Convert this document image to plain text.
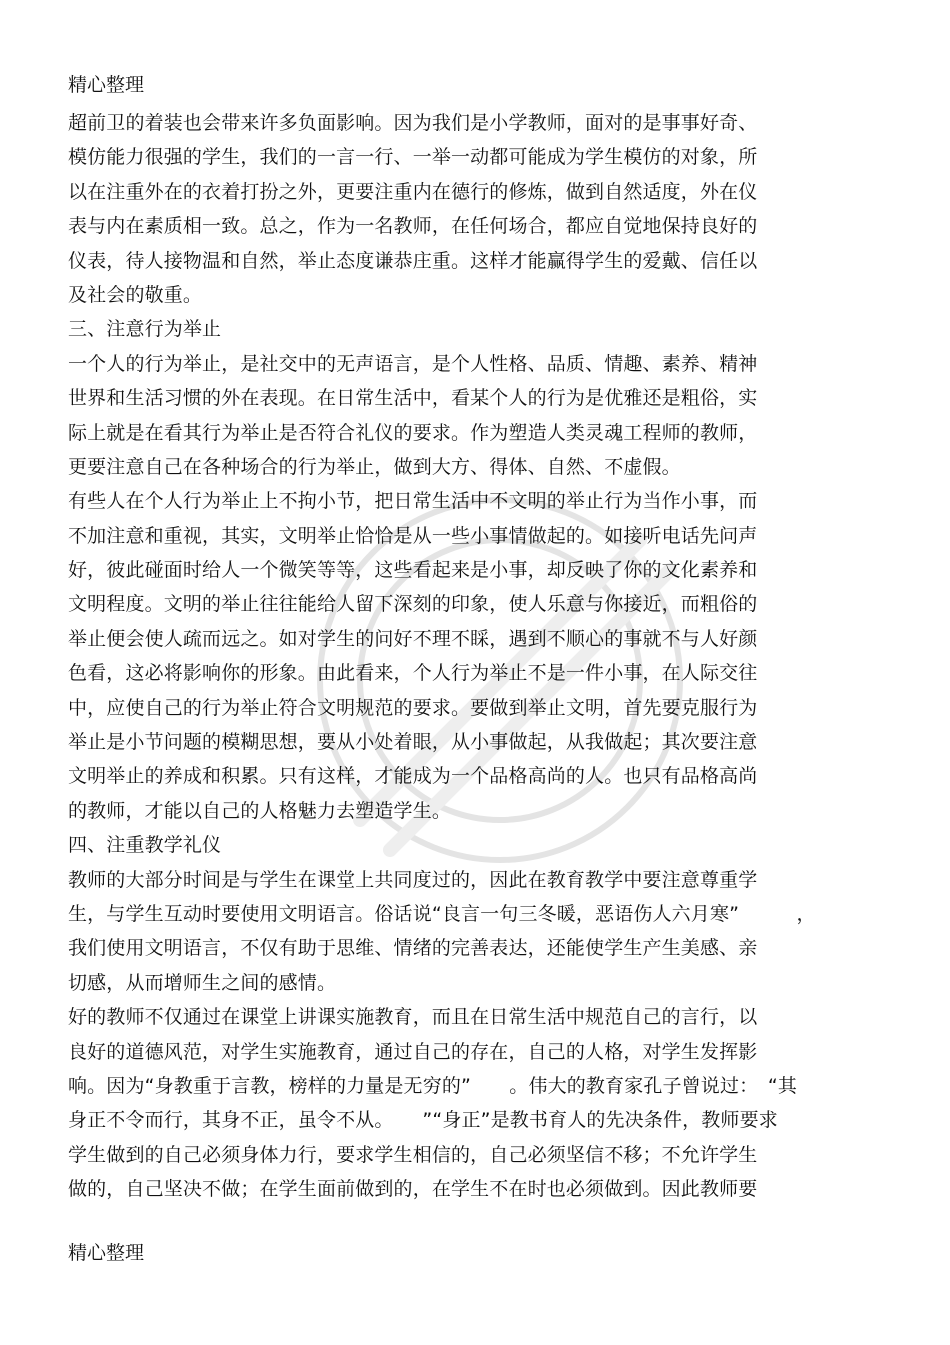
精心整理
超前卫的着装也会带来许多负面影响。因为我们是小学教师，面对的是事事好奇、
模仿能力很强的学生，我们的一言一行、一举一动都可能成为学生模仿的对象，所
以在注重外在的衣着打扮之外，更要注重内在德行的修炼，做到自然适度，外在仪
表与内在素质相一致。总之，作为一名教师，在任何场合，都应自觉地保持良好的
仪表，待人接物温和自然，举止态度谦恭庄重。这样才能赢得学生的爱戴、信任以
及社会的敬重。
三、注意行为举止
一个人的行为举止，是社交中的无声语言，是个人性格、品质、情趣、素养、精神
世界和生活习惯的外在表现。在日常生活中，看某个人的行为是优雅还是粗俗，实
际上就是在看其行为举止是否符合礼仪的要求。作为塑造人类灵魂工程师的教师，
更要注意自己在各种场合的行为举止，做到大方、得体、自然、不虚假。
有些人在个人行为举止上不拘小节，把日常生活中不文明的举止行为当作小事，而
不加注意和重视，其实，文明举止恰恰是从一些小事情做起的。如接听电话先问声
好，彼此碰面时给人一个微笑等等，这些看起来是小事，却反映了你的文化素养和
文明程度。文明的举止往往能给人留下深刻的印象，使人乐意与你接近，而粗俗的
举止便会使人疏而远之。如对学生的问好不理不睬，遇到不顺心的事就不与人好颜
色看，这必将影响你的形象。由此看来，个人行为举止不是一件小事，在人际交往
中，应使自己的行为举止符合文明规范的要求。要做到举止文明，首先要克服行为
举止是小节问题的模糊思想，要从小处着眼，从小事做起，从我做起；其次要注意
文明举止的养成和积累。只有这样，才能成为一个品格高尚的人。也只有品格高尚
的教师，才能以自己的人格魅力去塑造学生。
四、注重教学礼仪
教师的大部分时间是与学生在课堂上共同度过的，因此在教育教学中要注意尊重学
生，与学生互动时要使用文明语言。俗话说“良言一句三冬暖，恶语伤人六月寒”　　　，
我们使用文明语言，不仅有助于思维、情绪的完善表达，还能使学生产生美感、亲
切感，从而增师生之间的感情。
好的教师不仅通过在课堂上讲课实施教育，而且在日常生活中规范自己的言行，以
良好的道德风范，对学生实施教育，通过自己的存在，自己的人格，对学生发挥影
响。因为“身教重于言教，榜样的力量是无穷的”　　。伟大的教育家孔子曾说过：　“其
身正不令而行，其身不正，虽令不从。　　”“身正”是教书育人的先决条件，教师要求
学生做到的自己必须身体力行，要求学生相信的，自己必须坚信不移；不允许学生
做的，自己坚决不做；在学生面前做到的，在学生不在时也必须做到。因此教师要
精心整理
